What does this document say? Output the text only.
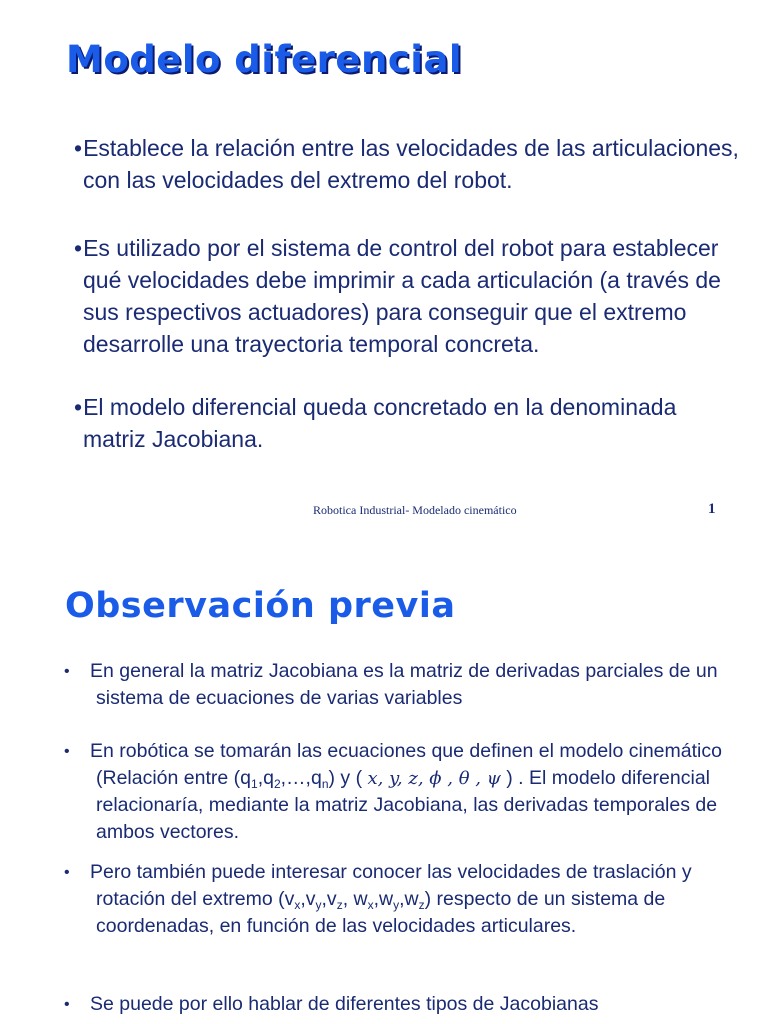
Modelo diferencial

•Establece la relación entre las velocidades de las articulaciones, con las velocidades del extremo del robot.

•Es utilizado por el sistema de control del robot para establecer qué velocidades debe imprimir a cada articulación (a través de sus respectivos actuadores) para conseguir que el extremo desarrolle una trayectoria temporal concreta.

•El modelo diferencial queda concretado en la denominada matriz Jacobiana.

Robotica Industrial- Modelado cinemático	1
Observación previa
•	En general la matriz Jacobiana es la matriz de derivadas parciales de un sistema de ecuaciones de varias variables
•	En robótica se tomarán las ecuaciones que definen el modelo cinemático (Relación entre $(q_1,q_2,\dots,q_n)$ y ( x, y, z, ϕ , θ , ψ ) . El modelo diferencial relacionaría, mediante la matriz Jacobiana, las derivadas temporales de ambos vectores.
•	Pero también puede interesar conocer las velocidades de traslación y rotación del extremo ($v_x,v_y,v_z$, $w_x,w_y,w_z$) respecto de un sistema de coordenadas, en función de las velocidades articulares.
•	Se puede por ello hablar de diferentes tipos de Jacobianas
